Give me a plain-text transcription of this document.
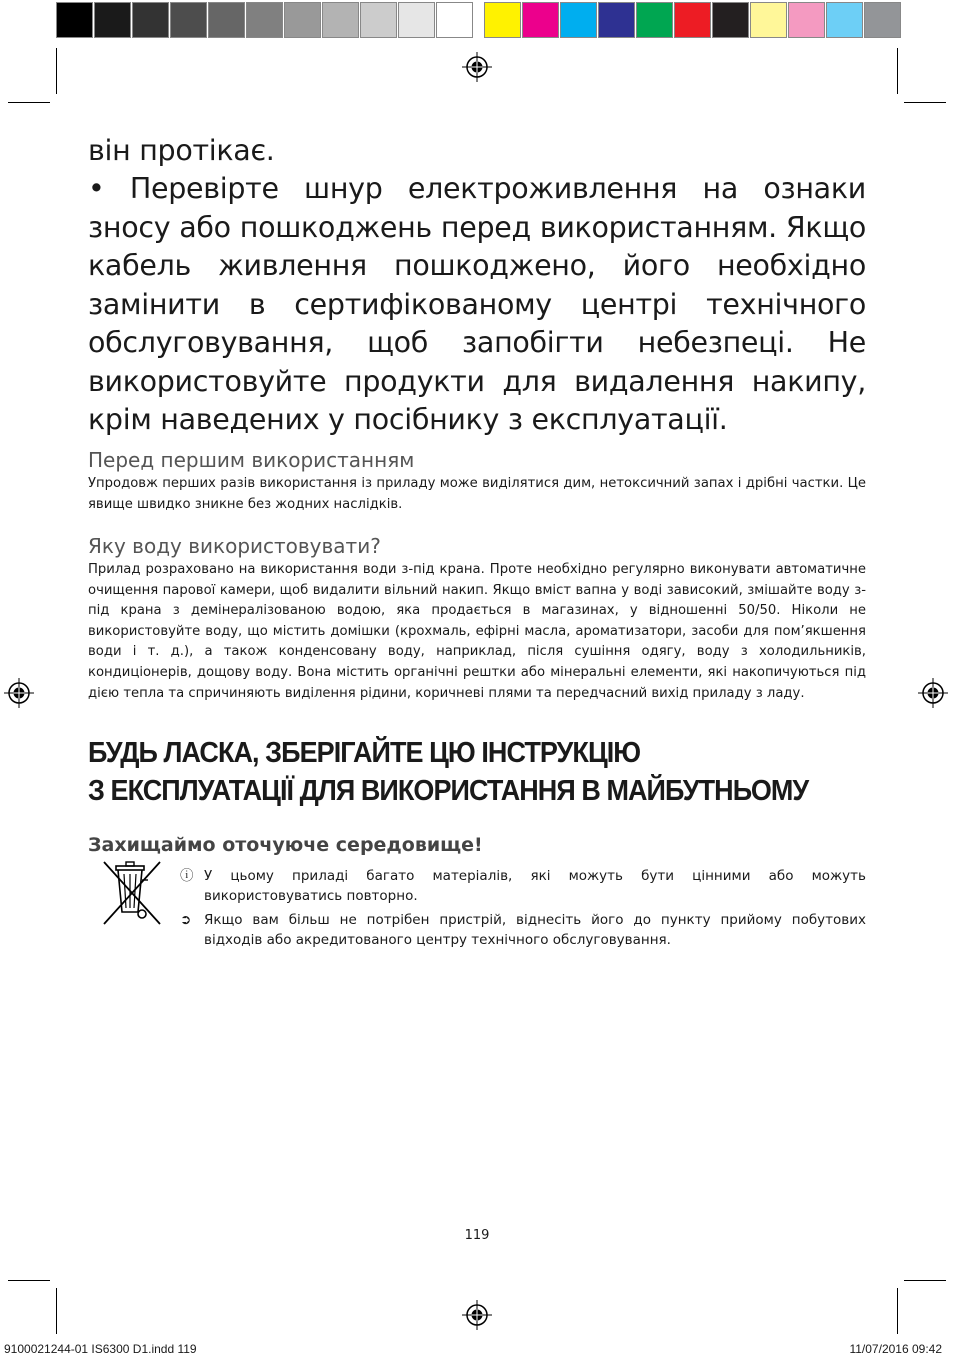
він протікає.
• Перевірте шнур електроживлення на ознаки зносу або пошкоджень перед використанням. Якщо кабель живлення пошкоджено, його необхідно замінити в сертифікованому центрі технічного обслуговування, щоб запобігти небезпеці. Не використовуйте продукти для видалення накипу, крім наведених у посібнику з експлуатації.
Перед першим використанням
Упродовж перших разів використання із приладу може виділятися дим, нетоксичний запах і дрібні частки. Це явище швидко зникне без жодних наслідків.
Яку воду використовувати?
Прилад розраховано на використання води з-під крана. Проте необхідно регулярно виконувати автоматичне очищення парової камери, щоб видалити вільний накип. Якщо вміст вапна у воді зависокий, змішайте воду з-під крана з демінералізованою водою, яка продається в магазинах, у відношенні 50/50. Ніколи не використовуйте воду, що містить домішки (крохмаль, ефірні масла, ароматизатори, засоби для пом’якшення води і т. д.), а також конденсовану воду, наприклад, після сушіння одягу, воду з холодильників, кондиціонерів, дощову воду. Вона містить органічні рештки або мінеральні елементи, які накопичуються під дією тепла та спричиняють виділення рідини, коричневі плями та передчасний вихід приладу з ладу.
БУДЬ ЛАСКА, ЗБЕРІГАЙТЕ ЦЮ ІНСТРУКЦІЮ
З ЕКСПЛУАТАЦІЇ ДЛЯ ВИКОРИСТАННЯ В МАЙБУТНЬОМУ
Захищаймо оточуюче середовище!
ⓘ У цьому приладі багато матеріалів, які можуть бути цінними або можуть використовуватись повторно.
➲ Якщо вам більш не потрібен пристрій, віднесіть його до пункту прийому побутових відходів або акредитованого центру технічного обслуговування.
119
9100021244-01 IS6300 D1.indd 119	11/07/2016 09:42
